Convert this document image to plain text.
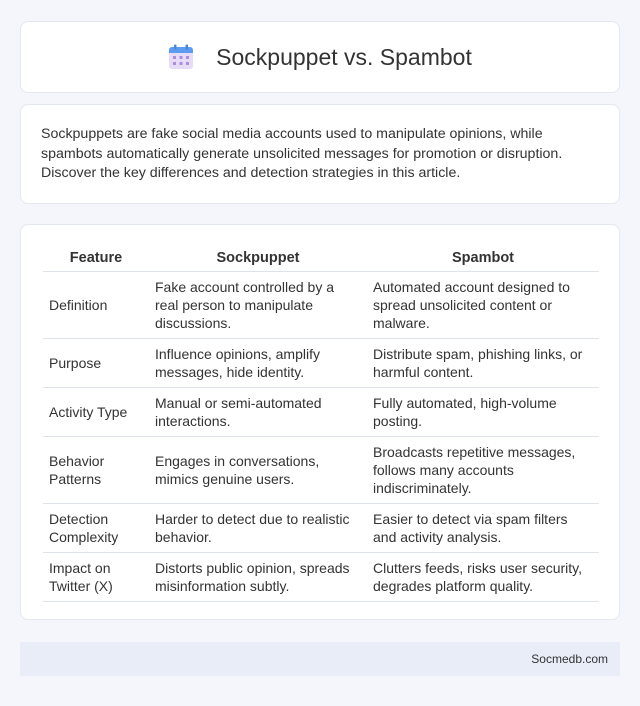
Sockpuppet vs. Spambot

Sockpuppets are fake social media accounts used to manipulate opinions, while spambots automatically generate unsolicited messages for promotion or disruption. Discover the key differences and detection strategies in this article.

Feature	Sockpuppet	Spambot
Definition	Fake account controlled by a real person to manipulate discussions.	Automated account designed to spread unsolicited content or malware.
Purpose	Influence opinions, amplify messages, hide identity.	Distribute spam, phishing links, or harmful content.
Activity Type	Manual or semi-automated interactions.	Fully automated, high-volume posting.
Behavior Patterns	Engages in conversations, mimics genuine users.	Broadcasts repetitive messages, follows many accounts indiscriminately.
Detection Complexity	Harder to detect due to realistic behavior.	Easier to detect via spam filters and activity analysis.
Impact on Twitter (X)	Distorts public opinion, spreads misinformation subtly.	Clutters feeds, risks user security, degrades platform quality.
Socmedb.com
